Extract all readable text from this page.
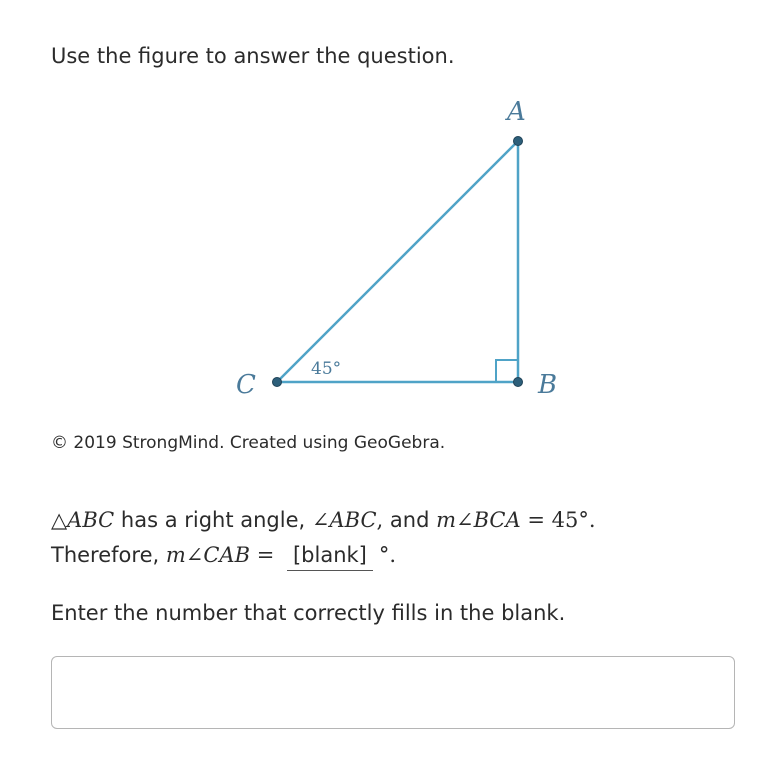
Use the figure to answer the question.
A
B
C
45°
© 2019 StrongMind. Created using GeoGebra.
△ABC has a right angle, ∠ABC, and m∠BCA = 45°.
Therefore, m∠CAB = [blank] °.
Enter the number that correctly fills in the blank.
